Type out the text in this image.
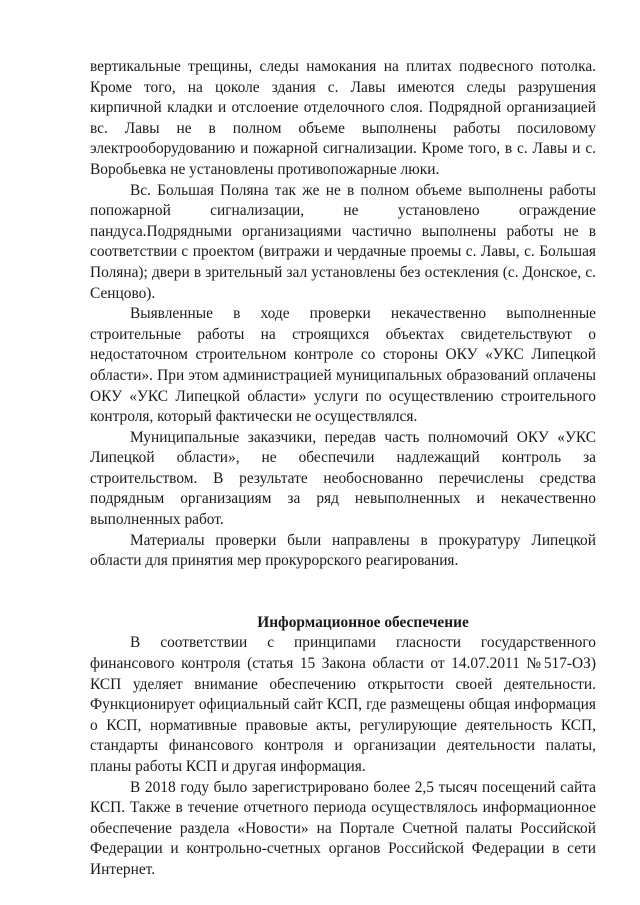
вертикальные трещины, следы намокания на плитах подвесного потолка. Кроме того, на цоколе здания с. Лавы имеются следы разрушения кирпичной кладки и отслоение отделочного слоя. Подрядной организацией вс. Лавы не в полном объеме выполнены работы посиловому электрооборудованию и пожарной сигнализации. Кроме того, в с. Лавы и с. Воробьевка не установлены противопожарные люки.

Вс. Большая Поляна так же не в полном объеме выполнены работы попожарной сигнализации, не установлено ограждение пандуса.Подрядными организациями частично выполнены работы не в соответствии с проектом (витражи и чердачные проемы с. Лавы, с. Большая Поляна); двери в зрительный зал установлены без остекления (с. Донское, с. Сенцово).

Выявленные в ходе проверки некачественно выполненные строительные работы на строящихся объектах свидетельствуют о недостаточном строительном контроле со стороны ОКУ «УКС Липецкой области». При этом администрацией муниципальных образований оплачены ОКУ «УКС Липецкой области» услуги по осуществлению строительного контроля, который фактически не осуществлялся.

Муниципальные заказчики, передав часть полномочий ОКУ «УКС Липецкой области», не обеспечили надлежащий контроль за строительством. В результате необоснованно перечислены средства подрядным организациям за ряд невыполненных и некачественно выполненных работ.

Материалы проверки были направлены в прокуратуру Липецкой области для принятия мер прокурорского реагирования.

Информационное обеспечение

В соответствии с принципами гласности государственного финансового контроля (статья 15 Закона области от 14.07.2011 №517-ОЗ) КСП уделяет внимание обеспечению открытости своей деятельности. Функционирует официальный сайт КСП, где размещены общая информация о КСП, нормативные правовые акты, регулирующие деятельность КСП, стандарты финансового контроля и организации деятельности палаты, планы работы КСП и другая информация.

В 2018 году было зарегистрировано более 2,5 тысяч посещений сайта КСП. Также в течение отчетного периода осуществлялось информационное обеспечение раздела «Новости» на Портале Счетной палаты Российской Федерации и контрольно-счетных органов Российской Федерации в сети Интернет.
